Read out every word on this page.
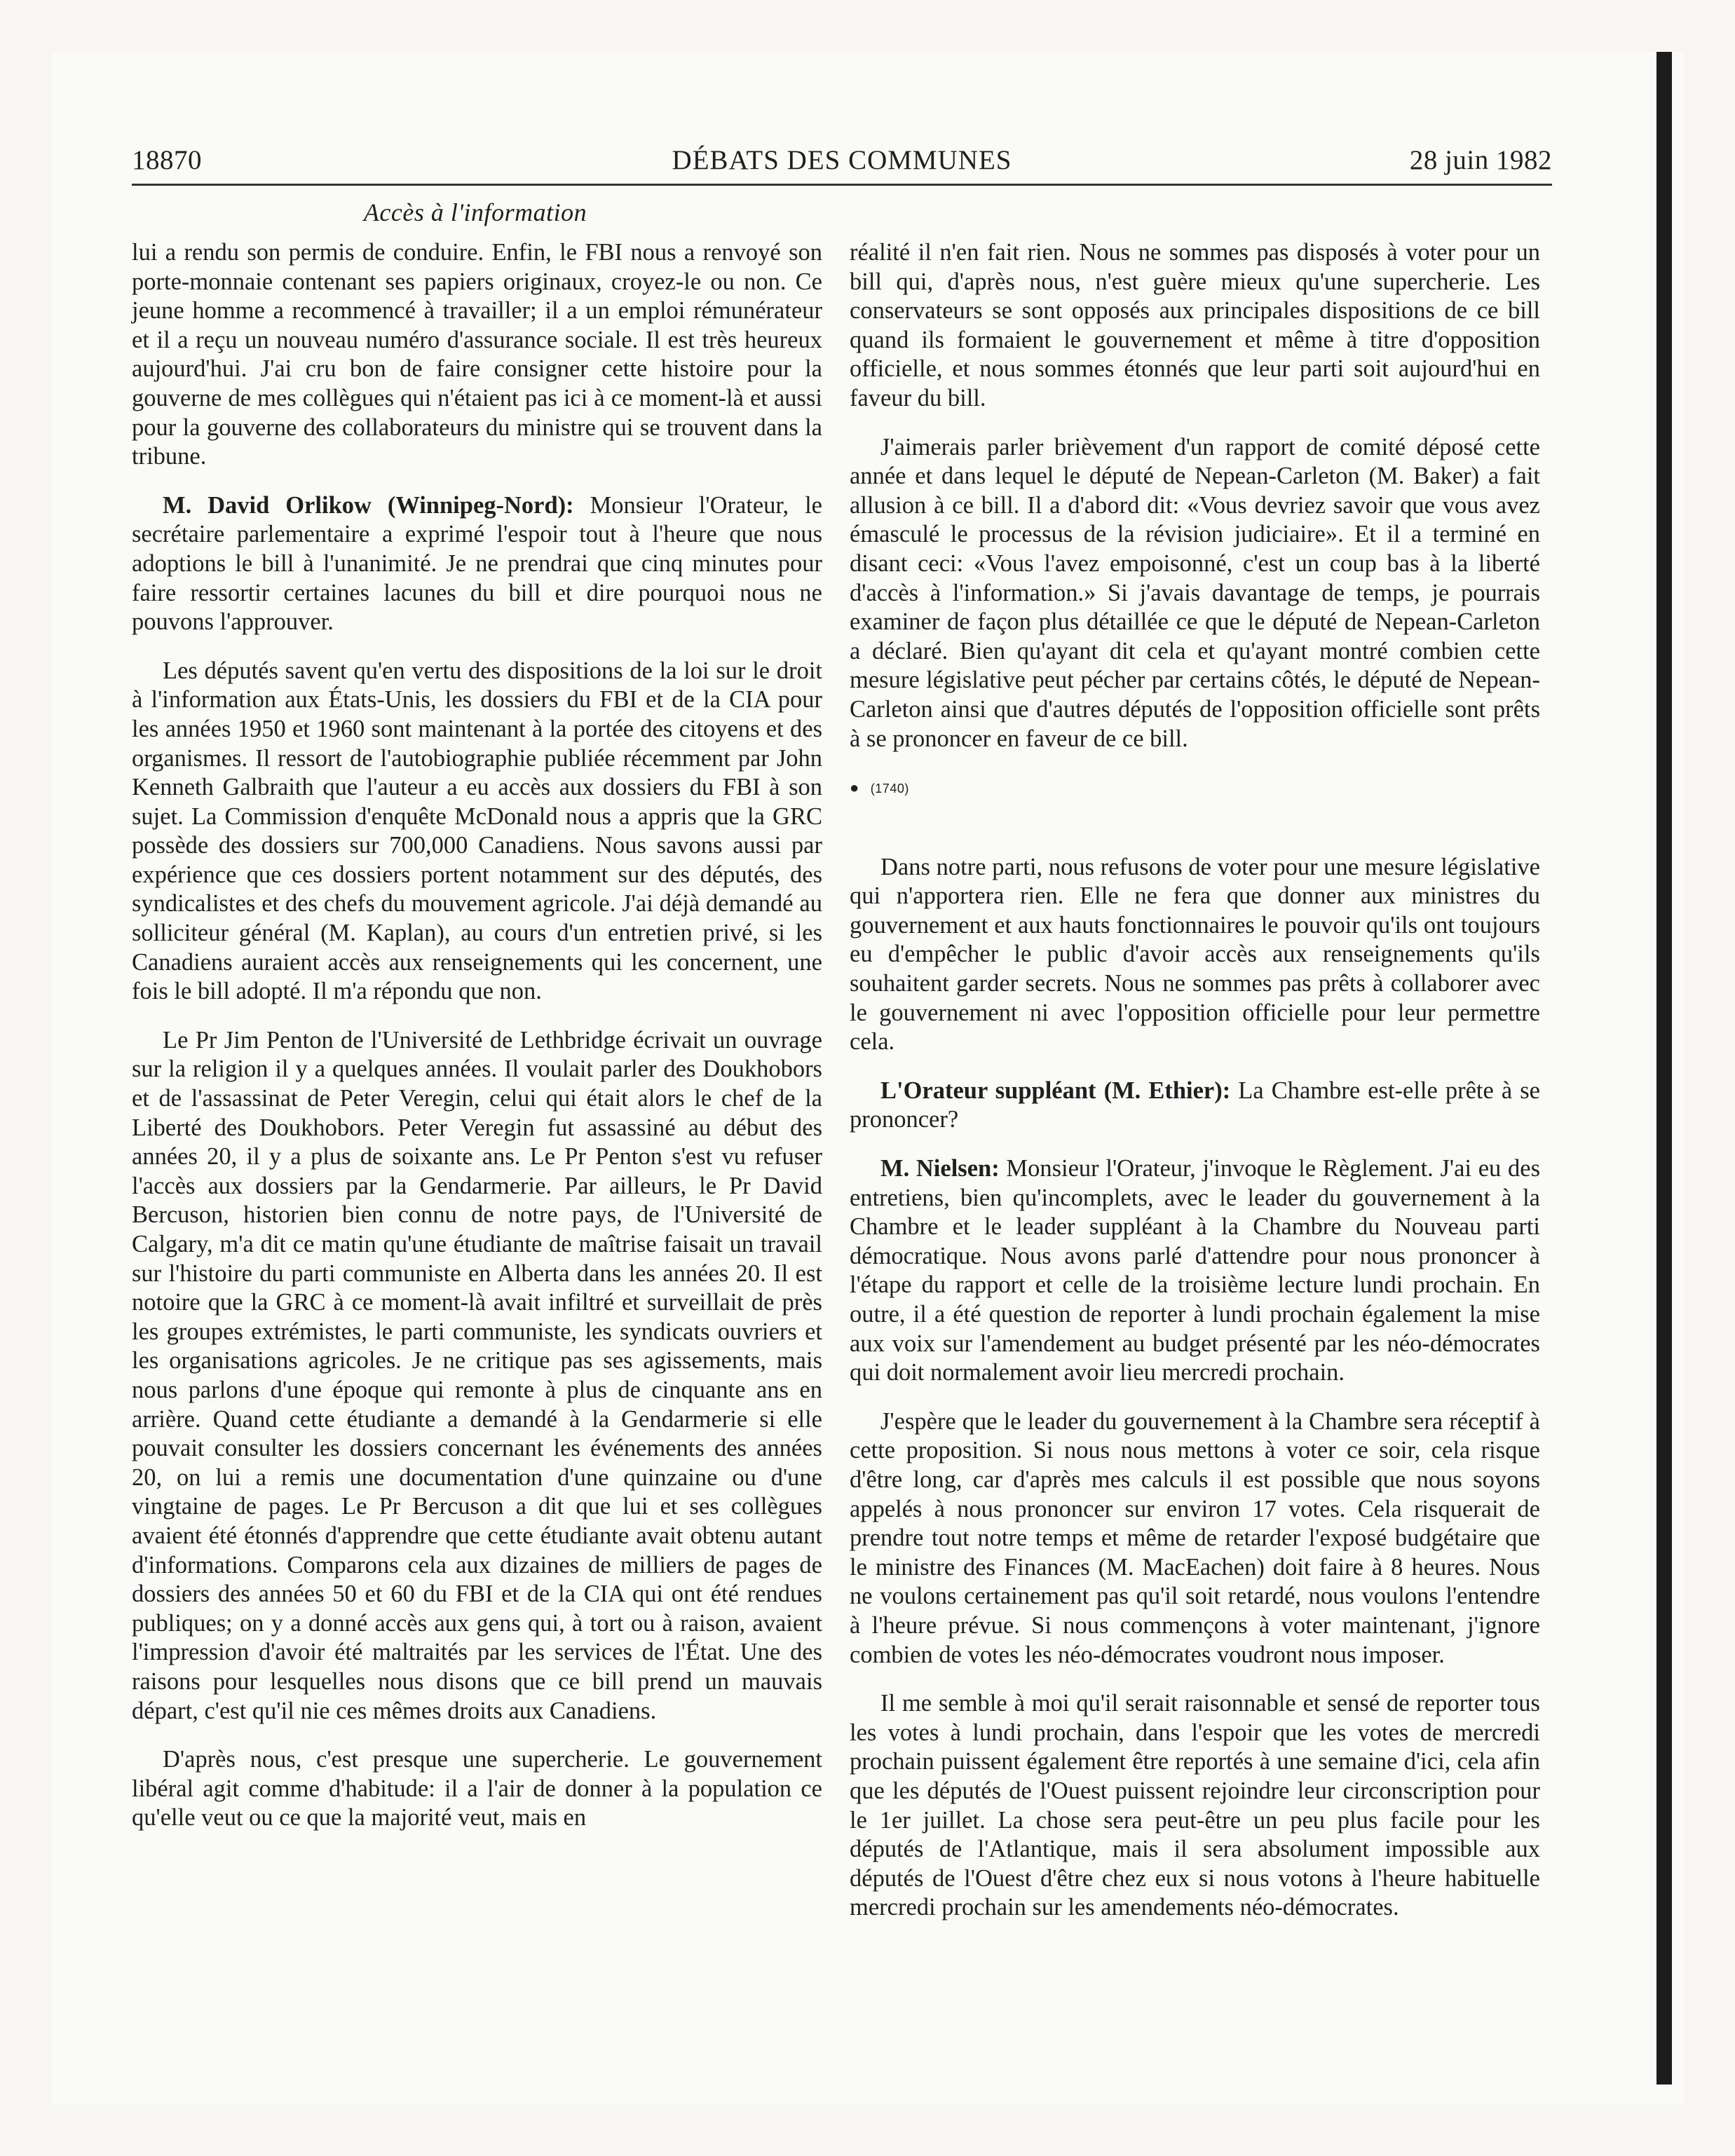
18870	DÉBATS DES COMMUNES	28 juin 1982
Accès à l'information

lui a rendu son permis de conduire. Enfin, le FBI nous a renvoyé son porte-monnaie contenant ses papiers originaux, croyez-le ou non. Ce jeune homme a recommencé à travailler; il a un emploi rémunérateur et il a reçu un nouveau numéro d'assurance sociale. Il est très heureux aujourd'hui. J'ai cru bon de faire consigner cette histoire pour la gouverne de mes collègues qui n'étaient pas ici à ce moment-là et aussi pour la gouverne des collaborateurs du ministre qui se trouvent dans la tribune.

M. David Orlikow (Winnipeg-Nord): Monsieur l'Orateur, le secrétaire parlementaire a exprimé l'espoir tout à l'heure que nous adoptions le bill à l'unanimité. Je ne prendrai que cinq minutes pour faire ressortir certaines lacunes du bill et dire pourquoi nous ne pouvons l'approuver.

Les députés savent qu'en vertu des dispositions de la loi sur le droit à l'information aux États-Unis, les dossiers du FBI et de la CIA pour les années 1950 et 1960 sont maintenant à la portée des citoyens et des organismes. Il ressort de l'autobiographie publiée récemment par John Kenneth Galbraith que l'auteur a eu accès aux dossiers du FBI à son sujet. La Commission d'enquête McDonald nous a appris que la GRC possède des dossiers sur 700,000 Canadiens. Nous savons aussi par expérience que ces dossiers portent notamment sur des députés, des syndicalistes et des chefs du mouvement agricole. J'ai déjà demandé au solliciteur général (M. Kaplan), au cours d'un entretien privé, si les Canadiens auraient accès aux renseignements qui les concernent, une fois le bill adopté. Il m'a répondu que non.

Le Pr Jim Penton de l'Université de Lethbridge écrivait un ouvrage sur la religion il y a quelques années. Il voulait parler des Doukhobors et de l'assassinat de Peter Veregin, celui qui était alors le chef de la Liberté des Doukhobors. Peter Veregin fut assassiné au début des années 20, il y a plus de soixante ans. Le Pr Penton s'est vu refuser l'accès aux dossiers par la Gendarmerie. Par ailleurs, le Pr David Bercuson, historien bien connu de notre pays, de l'Université de Calgary, m'a dit ce matin qu'une étudiante de maîtrise faisait un travail sur l'histoire du parti communiste en Alberta dans les années 20. Il est notoire que la GRC à ce moment-là avait infiltré et surveillait de près les groupes extrémistes, le parti communiste, les syndicats ouvriers et les organisations agricoles. Je ne critique pas ses agissements, mais nous parlons d'une époque qui remonte à plus de cinquante ans en arrière. Quand cette étudiante a demandé à la Gendarmerie si elle pouvait consulter les dossiers concernant les événements des années 20, on lui a remis une documentation d'une quinzaine ou d'une vingtaine de pages. Le Pr Bercuson a dit que lui et ses collègues avaient été étonnés d'apprendre que cette étudiante avait obtenu autant d'informations. Comparons cela aux dizaines de milliers de pages de dossiers des années 50 et 60 du FBI et de la CIA qui ont été rendues publiques; on y a donné accès aux gens qui, à tort ou à raison, avaient l'impression d'avoir été maltraités par les services de l'État. Une des raisons pour lesquelles nous disons que ce bill prend un mauvais départ, c'est qu'il nie ces mêmes droits aux Canadiens.

D'après nous, c'est presque une supercherie. Le gouvernement libéral agit comme d'habitude: il a l'air de donner à la population ce qu'elle veut ou ce que la majorité veut, mais en

réalité il n'en fait rien. Nous ne sommes pas disposés à voter pour un bill qui, d'après nous, n'est guère mieux qu'une supercherie. Les conservateurs se sont opposés aux principales dispositions de ce bill quand ils formaient le gouvernement et même à titre d'opposition officielle, et nous sommes étonnés que leur parti soit aujourd'hui en faveur du bill.

J'aimerais parler brièvement d'un rapport de comité déposé cette année et dans lequel le député de Nepean-Carleton (M. Baker) a fait allusion à ce bill. Il a d'abord dit: «Vous devriez savoir que vous avez émasculé le processus de la révision judiciaire». Et il a terminé en disant ceci: «Vous l'avez empoisonné, c'est un coup bas à la liberté d'accès à l'information.» Si j'avais davantage de temps, je pourrais examiner de façon plus détaillée ce que le député de Nepean-Carleton a déclaré. Bien qu'ayant dit cela et qu'ayant montré combien cette mesure législative peut pécher par certains côtés, le député de Nepean-Carleton ainsi que d'autres députés de l'opposition officielle sont prêts à se prononcer en faveur de ce bill.

● (1740)

Dans notre parti, nous refusons de voter pour une mesure législative qui n'apportera rien. Elle ne fera que donner aux ministres du gouvernement et aux hauts fonctionnaires le pouvoir qu'ils ont toujours eu d'empêcher le public d'avoir accès aux renseignements qu'ils souhaitent garder secrets. Nous ne sommes pas prêts à collaborer avec le gouvernement ni avec l'opposition officielle pour leur permettre cela.

L'Orateur suppléant (M. Ethier): La Chambre est-elle prête à se prononcer?

M. Nielsen: Monsieur l'Orateur, j'invoque le Règlement. J'ai eu des entretiens, bien qu'incomplets, avec le leader du gouvernement à la Chambre et le leader suppléant à la Chambre du Nouveau parti démocratique. Nous avons parlé d'attendre pour nous prononcer à l'étape du rapport et celle de la troisième lecture lundi prochain. En outre, il a été question de reporter à lundi prochain également la mise aux voix sur l'amendement au budget présenté par les néo-démocrates qui doit normalement avoir lieu mercredi prochain.

J'espère que le leader du gouvernement à la Chambre sera réceptif à cette proposition. Si nous nous mettons à voter ce soir, cela risque d'être long, car d'après mes calculs il est possible que nous soyons appelés à nous prononcer sur environ 17 votes. Cela risquerait de prendre tout notre temps et même de retarder l'exposé budgétaire que le ministre des Finances (M. MacEachen) doit faire à 8 heures. Nous ne voulons certainement pas qu'il soit retardé, nous voulons l'entendre à l'heure prévue. Si nous commençons à voter maintenant, j'ignore combien de votes les néo-démocrates voudront nous imposer.

Il me semble à moi qu'il serait raisonnable et sensé de reporter tous les votes à lundi prochain, dans l'espoir que les votes de mercredi prochain puissent également être reportés à une semaine d'ici, cela afin que les députés de l'Ouest puissent rejoindre leur circonscription pour le 1er juillet. La chose sera peut-être un peu plus facile pour les députés de l'Atlantique, mais il sera absolument impossible aux députés de l'Ouest d'être chez eux si nous votons à l'heure habituelle mercredi prochain sur les amendements néo-démocrates.
